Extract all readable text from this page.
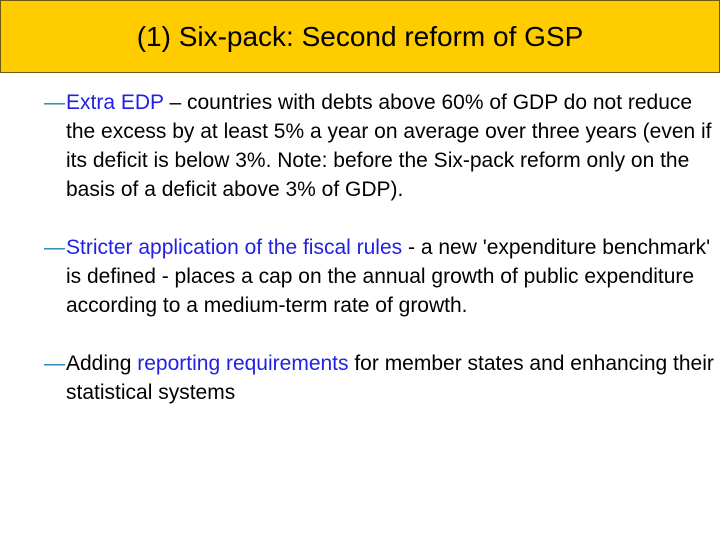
(1) Six-pack: Second reform of GSP
— Extra EDP – countries with debts above 60% of GDP do not reduce the excess by at least 5% a year on average over three years (even if its deficit is below 3%. Note: before the Six-pack reform only on the basis of a deficit above 3% of GDP).
— Stricter application of the fiscal rules - a new 'expenditure benchmark' is defined - places a cap on the annual growth of public expenditure according to a medium-term rate of growth.
— Adding reporting requirements for member states and enhancing their statistical systems
